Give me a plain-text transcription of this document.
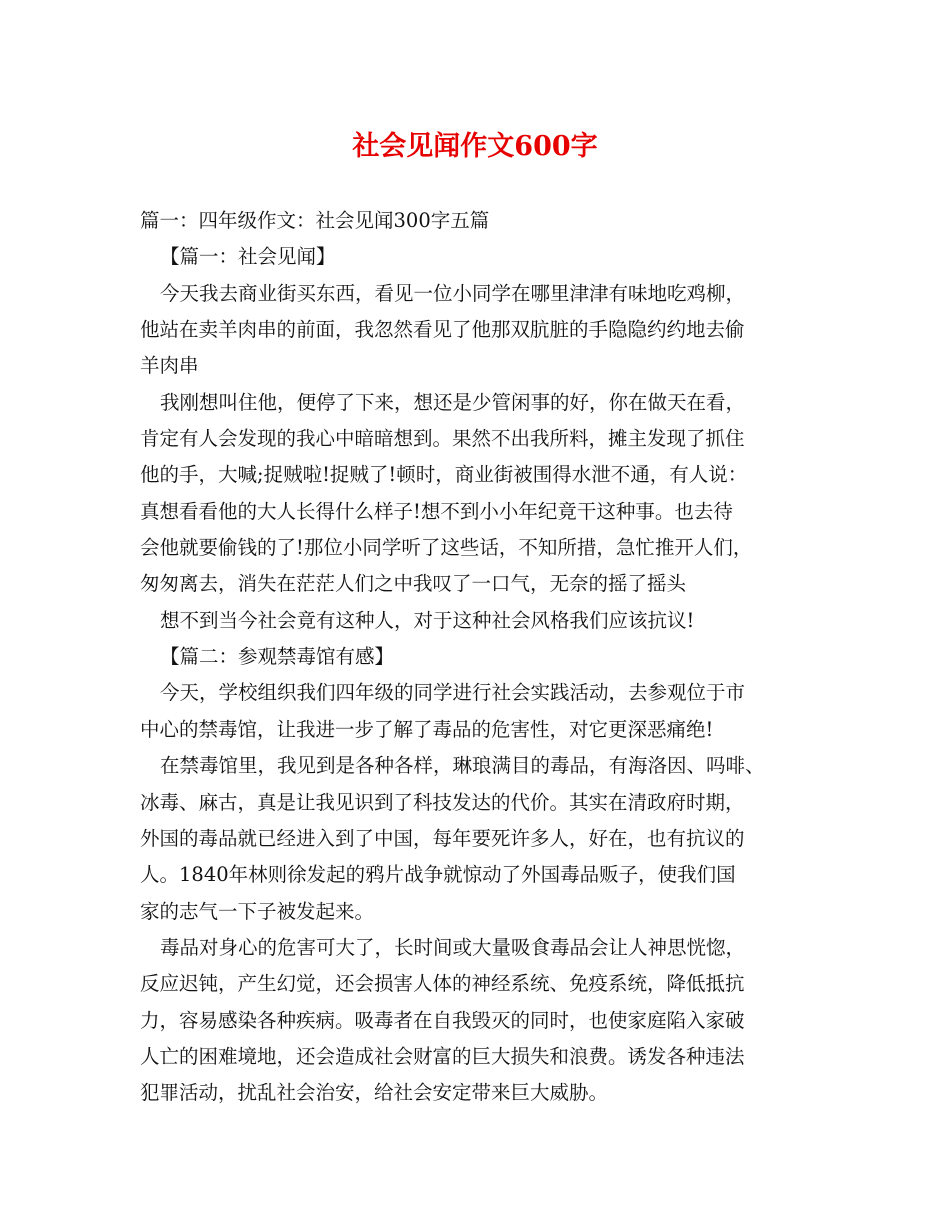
社会见闻作文600字

篇一：四年级作文：社会见闻300字五篇

【篇一：社会见闻】

今天我去商业街买东西，看见一位小同学在哪里津津有味地吃鸡柳，

他站在卖羊肉串的前面，我忽然看见了他那双肮脏的手隐隐约约地去偷

羊肉串

我刚想叫住他，便停了下来，想还是少管闲事的好，你在做天在看，

肯定有人会发现的我心中暗暗想到。果然不出我所料，摊主发现了抓住

他的手，大喊;捉贼啦!捉贼了!顿时，商业街被围得水泄不通，有人说：

真想看看他的大人长得什么样子!想不到小小年纪竟干这种事。也去待

会他就要偷钱的了!那位小同学听了这些话，不知所措，急忙推开人们，

匆匆离去，消失在茫茫人们之中我叹了一口气，无奈的摇了摇头

想不到当今社会竟有这种人，对于这种社会风格我们应该抗议!

【篇二：参观禁毒馆有感】

今天，学校组织我们四年级的同学进行社会实践活动，去参观位于市

中心的禁毒馆，让我进一步了解了毒品的危害性，对它更深恶痛绝!

在禁毒馆里，我见到是各种各样，琳琅满目的毒品，有海洛因、吗啡、

冰毒、麻古，真是让我见识到了科技发达的代价。其实在清政府时期，

外国的毒品就已经进入到了中国，每年要死许多人，好在，也有抗议的

人。1840年林则徐发起的鸦片战争就惊动了外国毒品贩子，使我们国

家的志气一下子被发起来。

毒品对身心的危害可大了，长时间或大量吸食毒品会让人神思恍惚，

反应迟钝，产生幻觉，还会损害人体的神经系统、免疫系统，降低抵抗

力，容易感染各种疾病。吸毒者在自我毁灭的同时，也使家庭陷入家破

人亡的困难境地，还会造成社会财富的巨大损失和浪费。诱发各种违法

犯罪活动，扰乱社会治安，给社会安定带来巨大威胁。
